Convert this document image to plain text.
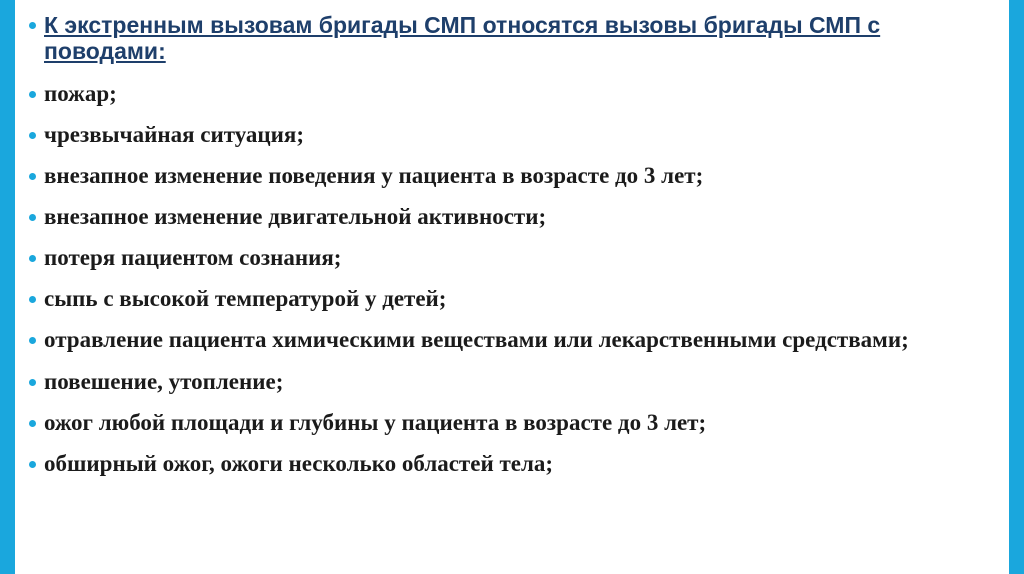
К экстренным вызовам бригады СМП относятся вызовы бригады СМП с поводами:
пожар;
чрезвычайная ситуация;
внезапное изменение поведения у пациента в возрасте до 3 лет;
внезапное изменение двигательной активности;
потеря пациентом сознания;
сыпь с высокой температурой у детей;
отравление пациента химическими веществами или лекарственными средствами;
повешение, утопление;
ожог любой площади и глубины у пациента в возрасте до 3 лет;
обширный ожог, ожоги несколько областей тела;
